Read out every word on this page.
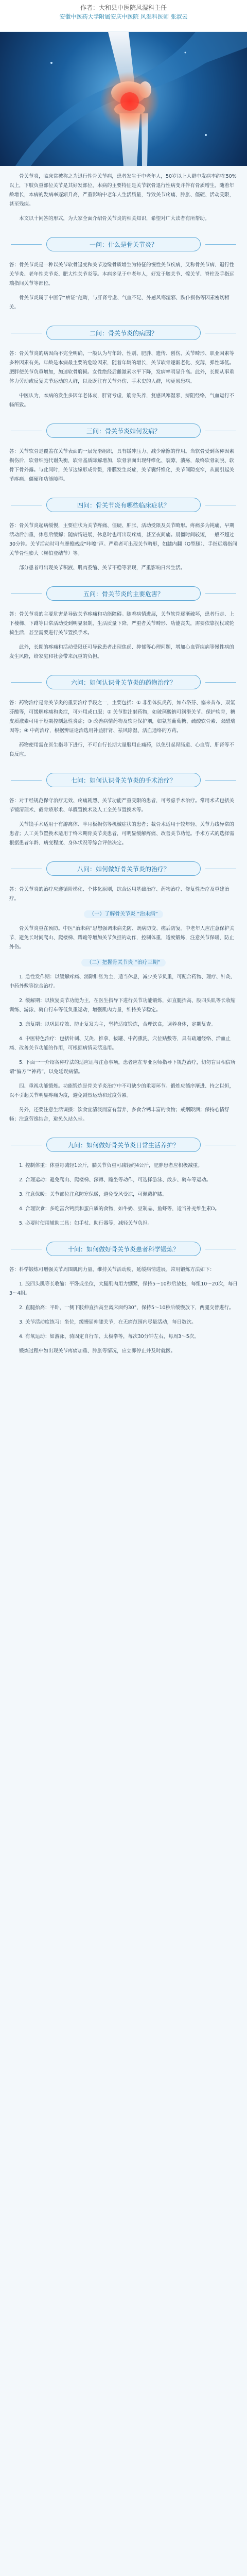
作者：大和县中医院风湿科主任
安徽中医药大学附属安庆中医院 风湿科医师 张淑云

骨关节炎，临床常被称之为退行性骨关节病，患者发生于中老年人，50岁以上人群中发病率约在50%以上，下肢负重部位关节是其好发部位，本病的主要特征是关节软骨退行性病变并伴有骨质增生。随着年龄增长，本病的发病率逐渐升高，严重影响中老年人生活质量，导致关节疼痛、肿胀、僵硬、活动受限，甚至残疾。

本文以十问答的形式，为大家全面介绍骨关节炎的相关知识，希望对广大读者有所帮助。

一问：什么是骨关节炎？

答：骨关节炎是一种以关节软骨退变和关节边缘骨质增生为特征的慢性关节疾病，又称骨关节病、退行性关节炎、老年性关节炎、肥大性关节炎等。本病多见于中老年人，好发于膝关节、髋关节、脊柱及手指远端指间关节等部位。

骨关节炎属于中医学“痹证”范畴，与肝肾亏虚、气血不足、外感风寒湿邪、跌仆损伤等因素密切相关。

二问：骨关节炎的病因？

答：骨关节炎的病因尚不完全明确，一般认为与年龄、性别、肥胖、遗传、创伤、关节畸形、职业因素等多种因素有关。年龄是本病最主要的危险因素，随着年龄的增长，关节软骨逐渐老化、变薄，弹性降低。肥胖使关节负重增加，加速软骨磨损。女性绝经后雌激素水平下降，发病率明显升高。此外，长期从事重体力劳动或反复关节运动的人群，以及既往有关节外伤、手术史的人群，均更易患病。

中医认为，本病的发生多因年老体衰，肝肾亏虚，筋骨失养，复感风寒湿邪，痹阻经络，气血运行不畅所致。

三问：骨关节炎如何发病？

答：关节软骨是覆盖在关节表面的一层光滑组织，具有缓冲压力、减少摩擦的作用。当软骨受到各种因素损伤后，软骨细胞代谢失衡，软骨基质降解增加，软骨表面出现纤维化、裂隙、溃疡，最终软骨剥脱、软骨下骨外露。与此同时，关节边缘形成骨赘，滑膜发生炎症，关节囊纤维化，关节间隙变窄，从而引起关节疼痛、僵硬和功能障碍。

四问：骨关节炎有哪些临床症状？

答：骨关节炎起病缓慢，主要症状为关节疼痛、僵硬、肿胀、活动受限及关节畸形。疼痛多为钝痛，早期活动后加重，休息后缓解；随病情进展，休息时也可出现疼痛，甚至夜间痛。晨僵时间较短，一般不超过30分钟。关节活动时可有摩擦感或“咔嚓”声。严重者可出现关节畸形，如膝内翻（O型腿）、手指远端指间关节骨性膨大（赫伯登结节）等。

部分患者可出现关节积液、肌肉萎缩、关节不稳等表现，严重影响日常生活。

五问：骨关节炎的主要危害？

答：骨关节炎的主要危害是导致关节疼痛和功能障碍。随着病情进展，关节软骨逐渐破坏，患者行走、上下楼梯、下蹲等日常活动受到明显限制，生活质量下降。严重者关节畸形、功能丧失，需要依靠拐杖或轮椅生活，甚至需要进行关节置换手术。

此外，长期的疼痛和活动受限还可导致患者出现焦虑、抑郁等心理问题，增加心血管疾病等慢性病的发生风险，给家庭和社会带来沉重的负担。

六问：如何认识骨关节炎的药物治疗？

答：药物治疗是骨关节炎的重要治疗手段之一，主要包括：① 非甾体抗炎药，如布洛芬、塞来昔布、双氯芬酸等，可缓解疼痛和炎症，可外用或口服；② 关节腔注射药物，如玻璃酸钠可润滑关节、保护软骨，糖皮质激素可用于短期控制急性炎症；③ 改善病情药物及软骨保护剂，如氨基葡萄糖、硫酸软骨素、双醋瑞因等；④ 中药治疗，根据辨证论治选用补益肝肾、祛风除湿、活血通络的方药。

药物使用需在医生指导下进行，不可自行长期大量服用止痛药，以免引起胃肠道、心血管、肝肾等不良反应。

七问：如何认识骨关节炎的手术治疗？

答：对于经规范保守治疗无效、疼痛剧烈、关节功能严重受限的患者，可考虑手术治疗。常用术式包括关节镜清理术、截骨矫形术、单髁置换术及人工全关节置换术等。

关节镜手术适用于有游离体、半月板损伤等机械症状的患者；截骨术适用于较年轻、关节力线异常的患者；人工关节置换术适用于终末期骨关节炎患者，可明显缓解疼痛、改善关节功能。手术方式的选择需根据患者年龄、病变程度、身体状况等综合评估决定。

八问：如何做好骨关节炎的治疗？

答：骨关节炎的治疗应遵循阶梯化、个体化原则，综合运用基础治疗、药物治疗、修复性治疗及重建治疗。

（一）了解骨关节炎 “治未病”

骨关节炎重在预防。中医“治未病”思想强调未病先防、既病防变、瘥后防复。中老年人应注意保护关节，避免长时间爬山、爬楼梯、蹲跪等增加关节负担的动作，控制体重，适度锻炼，注意关节保暖，防止外伤。

（二）把握骨关节炎 “治疗三期”

1. 急性发作期：以缓解疼痛、消除肿胀为主，适当休息，减少关节负重，可配合药物、理疗、针灸、中药外敷等综合治疗。

2. 缓解期：以恢复关节功能为主，在医生指导下进行关节功能锻炼，如直腿抬高、股四头肌等长收缩训练、游泳、骑自行车等低负重运动，增强肌肉力量，维持关节稳定。

3. 康复期：以巩固疗效、防止复发为主，坚持适度锻炼，合理饮食，调养身体，定期复查。

4. 中医特色治疗：包括针刺、艾灸、推拿、拔罐、中药熏洗、穴位贴敷等，具有疏通经络、活血止痛、改善关节功能的作用，可根据病情灵活选用。

5. 下面一一介绍各种疗法的适应证与注意事项，患者应在专业医师指导下规范治疗，切勿盲目相信所谓“偏方”“神药”，以免延误病情。

四、重视功能锻炼。功能锻炼是骨关节炎治疗中不可缺少的重要环节。锻炼应循序渐进、持之以恒，以不引起关节明显疼痛为度，避免剧烈运动和过度劳累。

另外，还要注意生活调摄：饮食宜清淡而富有营养，多食含钙丰富的食物；戒烟限酒；保持心情舒畅；注意劳逸结合，避免久站久坐。

九问：如何做好骨关节炎日常生活养护？

1. 控制体重：体重每减轻1公斤，膝关节负重可减轻约4公斤，肥胖患者应积极减重。

2. 合理运动：避免爬山、爬楼梯、深蹲、跪坐等动作，可选择游泳、散步、骑车等运动。

3. 注意保暖：关节部位注意防寒保暖，避免受风受凉，可佩戴护膝。

4. 合理饮食：多吃富含钙质和蛋白质的食物，如牛奶、豆制品、鱼虾等，适当补充维生素D。

5. 必要时使用辅助工具：如手杖、助行器等，减轻关节负担。

十问：如何做好骨关节炎患者科学锻炼？

答：科学锻炼可增强关节周围肌肉力量，维持关节活动度，延缓病情进展。常用锻炼方法如下：

1. 股四头肌等长收缩：平卧或坐位，大腿肌肉用力绷紧，保持5～10秒后放松，每组10～20次，每日3～4组。

2. 直腿抬高：平卧，一侧下肢伸直抬高至离床面约30°，保持5～10秒后缓慢放下，两腿交替进行。

3. 关节活动度练习：坐位，缓慢屈伸膝关节，在无痛范围内尽量活动，每日数次。

4. 有氧运动：如游泳、骑固定自行车、太极拳等，每次30分钟左右，每周3～5次。

锻炼过程中如出现关节疼痛加重、肿胀等情况，应立即停止并及时就医。
